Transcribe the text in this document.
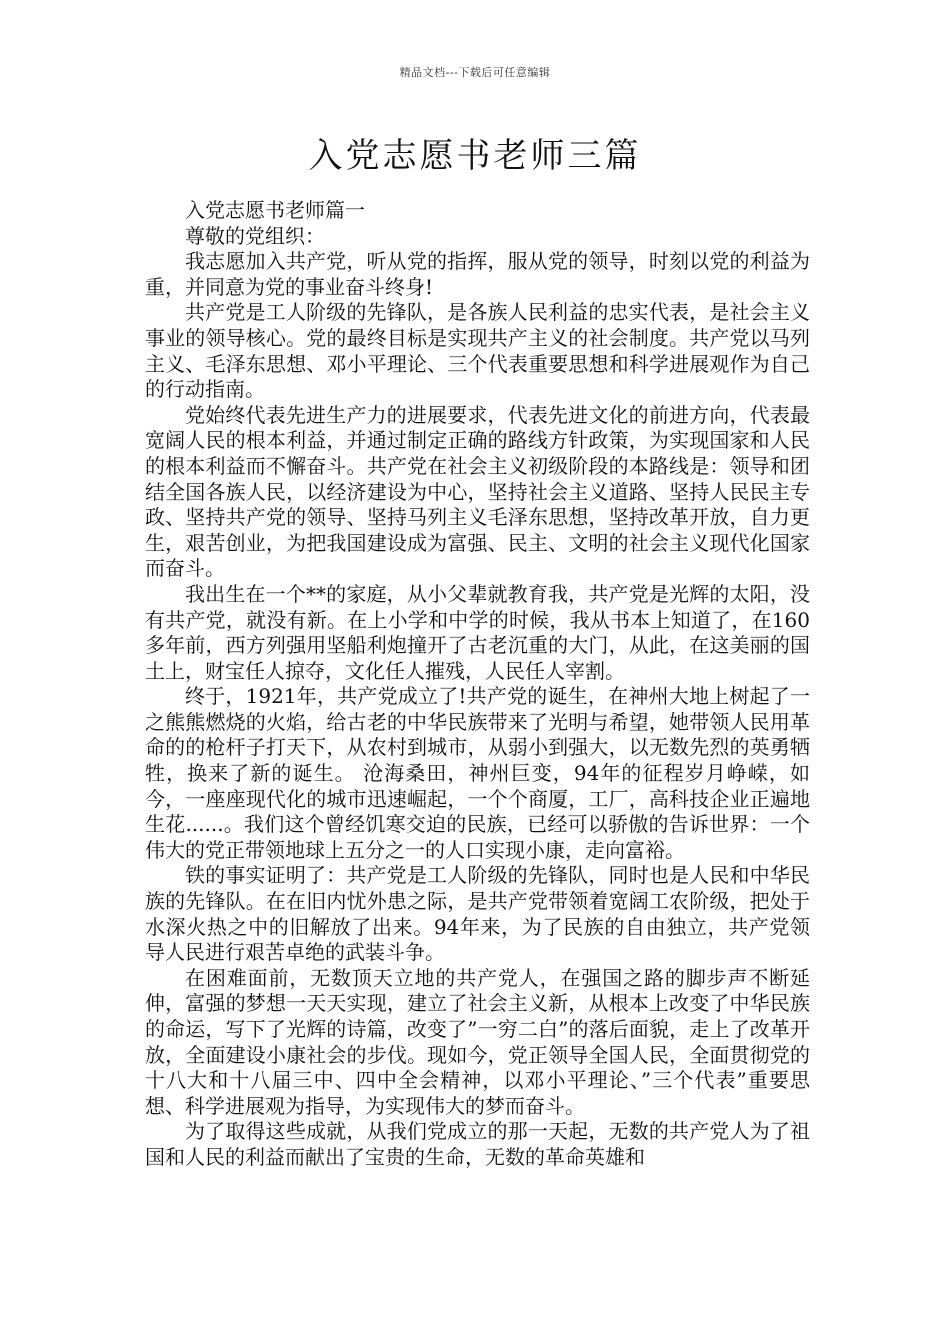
精品文档---下载后可任意编辑
入党志愿书老师三篇

入党志愿书老师篇一

尊敬的党组织：

我志愿加入共产党，听从党的指挥，服从党的领导，时刻以党的利益为重，并同意为党的事业奋斗终身!

共产党是工人阶级的先锋队，是各族人民利益的忠实代表，是社会主义事业的领导核心。党的最终目标是实现共产主义的社会制度。共产党以马列主义、毛泽东思想、邓小平理论、三个代表重要思想和科学进展观作为自己的行动指南。

党始终代表先进生产力的进展要求，代表先进文化的前进方向，代表最宽阔人民的根本利益，并通过制定正确的路线方针政策，为实现国家和人民的根本利益而不懈奋斗。共产党在社会主义初级阶段的本路线是：领导和团结全国各族人民，以经济建设为中心，坚持社会主义道路、坚持人民民主专政、坚持共产党的领导、坚持马列主义毛泽东思想，坚持改革开放，自力更生，艰苦创业，为把我国建设成为富强、民主、文明的社会主义现代化国家而奋斗。

我出生在一个**的家庭，从小父辈就教育我，共产党是光辉的太阳，没有共产党，就没有新。在上小学和中学的时候，我从书本上知道了，在160多年前，西方列强用坚船利炮撞开了古老沉重的大门，从此，在这美丽的国土上，财宝任人掠夺，文化任人摧残，人民任人宰割。

终于，1921年，共产党成立了!共产党的诞生，在神州大地上树起了一之熊熊燃烧的火焰，给古老的中华民族带来了光明与希望，她带领人民用革命的的枪杆子打天下，从农村到城市，从弱小到强大，以无数先烈的英勇牺牲，换来了新的诞生。 沧海桑田，神州巨变，94年的征程岁月峥嵘，如今，一座座现代化的城市迅速崛起，一个个商厦，工厂，高科技企业正遍地生花......。我们这个曾经饥寒交迫的民族，已经可以骄傲的告诉世界：一个伟大的党正带领地球上五分之一的人口实现小康，走向富裕。

铁的事实证明了：共产党是工人阶级的先锋队，同时也是人民和中华民族的先锋队。在在旧内忧外患之际，是共产党带领着宽阔工农阶级，把处于水深火热之中的旧解放了出来。94年来，为了民族的自由独立，共产党领导人民进行艰苦卓绝的武装斗争。

在困难面前，无数顶天立地的共产党人，在强国之路的脚步声不断延伸，富强的梦想一天天实现，建立了社会主义新，从根本上改变了中华民族的命运，写下了光辉的诗篇，改变了”一穷二白”的落后面貌，走上了改革开放，全面建设小康社会的步伐。现如今，党正领导全国人民，全面贯彻党的十八大和十八届三中、四中全会精神，以邓小平理论、”三个代表”重要思想、科学进展观为指导，为实现伟大的梦而奋斗。

为了取得这些成就，从我们党成立的那一天起，无数的共产党人为了祖国和人民的利益而献出了宝贵的生命，无数的革命英雄和
